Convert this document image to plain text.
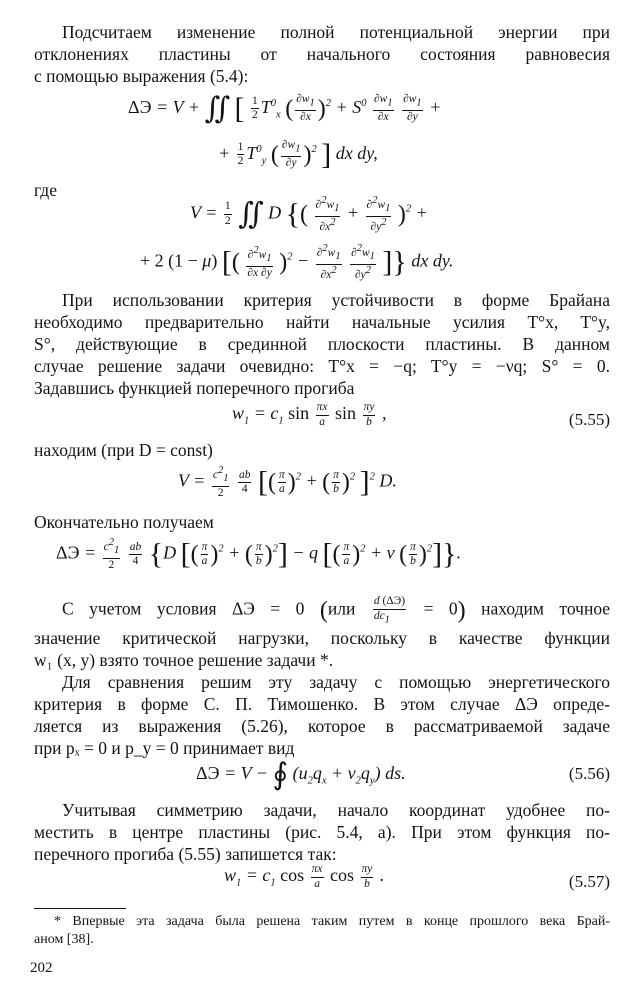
Подсчитаем изменение полной потенциальной энергии при
отклонениях пластины от начального состояния равновесия
с помощью выражения (5.4):
ΔЭ = V + ∬ [ $\frac{1}{2} T^0_x$ ( $\frac{\partial w_1}{\partial x} )^2 + S^0 \frac{\partial w_1}{\partial x}$
$\frac{\partial w_1}{\partial y}$ +
+ $\frac{1}{2} T^0_y$ ( $\frac{\partial w_1}{\partial y} )^2$ ] dx dy,
где
$V = \frac{1}{2}$ ∬ D {( $\frac{\partial^2w_1}{\partial x^2} + \frac{\partial^2w_1}{\partial y^2} )^2$ +
+ 2 (1 − μ) [( $\frac{\partial^2w_1}{\partial x \partial y} )^2 - \frac{\partial^2w_1}{\partial x^2}$
$\frac{\partial^2w_1}{\partial y^2}$ ]} dx dy.
При использовании критерия устойчивости в форме Брайана
необходимо предварительно найти начальные усилия T°x, T°y,
S°, действующие в срединной плоскости пластины. В данном
случае решение задачи очевидно: T°x = −q; T°y = −νq; S° = 0.
Задавшись функцией поперечного прогиба
$w_1 = c_1$ $\sin \frac{\pi x}{a}$ $\sin \frac{\pi y}{b}$ ,	(5.55)
находим (при D = const)
$V = \frac{c^2_1}{2}$
$\frac{ab}{4}$ [( $\frac{\pi}{a} )^2$ + ( $\frac{\pi}{b} )^2$ ]$^2$ D.
Окончательно получаем
$\Delta Э = \frac{c^2_1}{2}$
$\frac{ab}{4} \{D$ [( $\frac{\pi}{a} )^2$ + ( $\frac{\pi}{b} )^2] - q$ [( $\frac{\pi}{a} )^2 + \nu$ ( $\frac{\pi}{b} )^2$]}.
С учетом условия ΔЭ = 0 (или d (ΔЭ)
$dc_1$
= 0) находим точное
значение критической нагрузки, поскольку в качестве функции
w₁ (x, y) взято точное решение задачи *.
Для сравнения решим эту задачу с помощью энергетического
критерия в форме С. П. Тимошенко. В этом случае ΔЭ опреде-
ляется из выражения (5.26), которое в рассматриваемой задаче
при pₓ = 0 и p_y = 0 принимает вид
ΔЭ = V − ∮ $(u_2q_x + v_2q_y)$ ds.	(5.56)
Учитывая симметрию задачи, начало координат удобнее по-
местить в центре пластины (рис. 5.4, а). При этом функция по-
перечного прогиба (5.55) запишется так:
$w_1 = c_1$ $\cos \frac{\pi x}{a}$ $\cos \frac{\pi y}{b}$ .	(5.57)
* Впервые эта задача была решена таким путем в конце прошлого века Брай-
аном [38].
202
